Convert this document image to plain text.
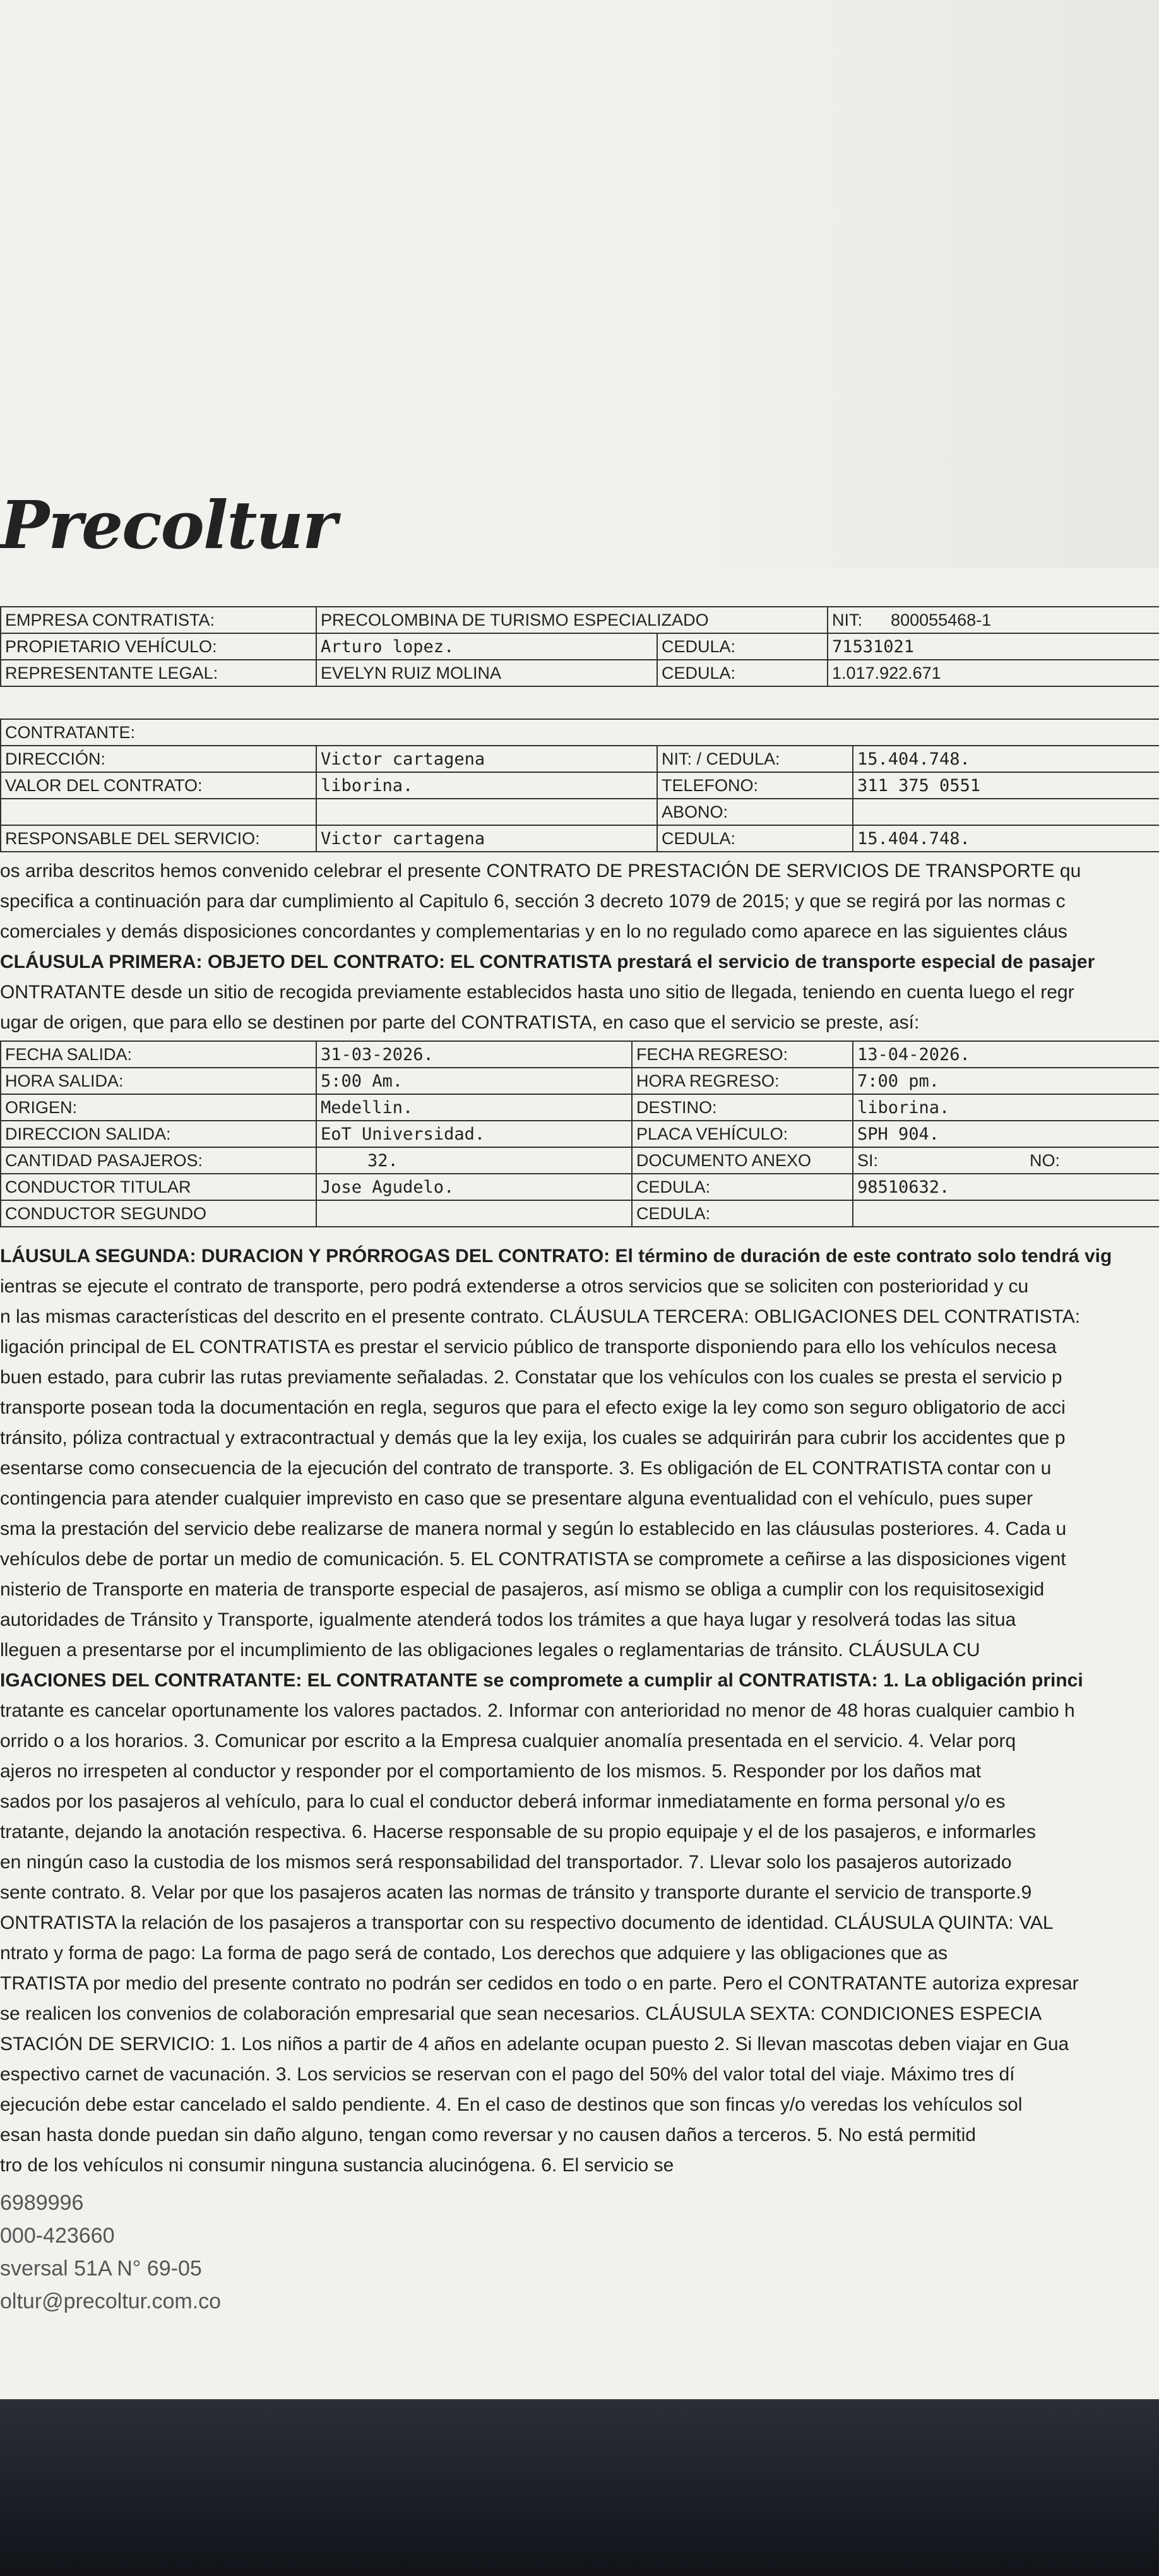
Precoltur
EMPRESA CONTRATISTA:	PRECOLOMBINA DE TURISMO ESPECIALIZADO		NIT: 800055468-1
PROPIETARIO VEHÍCULO:	Arturo lopez.	CEDULA:	71531021
REPRESENTANTE LEGAL:	EVELYN RUIZ MOLINA	CEDULA:	1.017.922.671
CONTRATANTE:			
DIRECCIÓN:	Victor cartagena	NIT: / CEDULA:	15.404.748.
VALOR DEL CONTRATO:	liborina.	TELEFONO:	311 375 0551
		ABONO:	
RESPONSABLE DEL SERVICIO:	Victor cartagena	CEDULA:	15.404.748.
os arriba descritos hemos convenido celebrar el presente CONTRATO DE PRESTACIÓN DE SERVICIOS DE TRANSPORTE qu
specifica a continuación para dar cumplimiento al Capitulo 6, sección 3 decreto 1079 de 2015; y que se regirá por las normas c
comerciales y demás disposiciones concordantes y complementarias y en lo no regulado como aparece en las siguientes cláus
CLÁUSULA PRIMERA: OBJETO DEL CONTRATO: EL CONTRATISTA prestará el servicio de transporte especial de pasajer
ONTRATANTE desde un sitio de recogida previamente establecidos hasta uno sitio de llegada, teniendo en cuenta luego el regr
ugar de origen, que para ello se destinen por parte del CONTRATISTA, en caso que el servicio se preste, así:
FECHA SALIDA:	31-03-2026.	FECHA REGRESO:	13-04-2026.
HORA SALIDA:	5:00 Am.	HORA REGRESO:	7:00 pm.
ORIGEN:	Medellin.	DESTINO:	liborina.
DIRECCION SALIDA:	EoT Universidad.	PLACA VEHÍCULO:	SPH 904.
CANTIDAD PASAJEROS:	32.	DOCUMENTO ANEXO	SI: NO:
CONDUCTOR TITULAR	Jose Agudelo.	CEDULA:	98510632.
CONDUCTOR SEGUNDO		CEDULA:	
LÁUSULA SEGUNDA: DURACION Y PRÓRROGAS DEL CONTRATO: El término de duración de este contrato solo tendrá vig
ientras se ejecute el contrato de transporte, pero podrá extenderse a otros servicios que se soliciten con posterioridad y cu
n las mismas características del descrito en el presente contrato. CLÁUSULA TERCERA: OBLIGACIONES DEL CONTRATISTA:
ligación principal de EL CONTRATISTA es prestar el servicio público de transporte disponiendo para ello los vehículos necesa
buen estado, para cubrir las rutas previamente señaladas. 2. Constatar que los vehículos con los cuales se presta el servicio p
transporte posean toda la documentación en regla, seguros que para el efecto exige la ley como son seguro obligatorio de acci
tránsito, póliza contractual y extracontractual y demás que la ley exija, los cuales se adquirirán para cubrir los accidentes que p
esentarse como consecuencia de la ejecución del contrato de transporte. 3. Es obligación de EL CONTRATISTA contar con u
contingencia para atender cualquier imprevisto en caso que se presentare alguna eventualidad con el vehículo, pues super
sma la prestación del servicio debe realizarse de manera normal y según lo establecido en las cláusulas posteriores. 4. Cada u
vehículos debe de portar un medio de comunicación. 5. EL CONTRATISTA se compromete a ceñirse a las disposiciones vigent
nisterio de Transporte en materia de transporte especial de pasajeros, así mismo se obliga a cumplir con los requisitosexigid
autoridades de Tránsito y Transporte, igualmente atenderá todos los trámites a que haya lugar y resolverá todas las situa
lleguen a presentarse por el incumplimiento de las obligaciones legales o reglamentarias de tránsito. CLÁUSULA CU
IGACIONES DEL CONTRATANTE: EL CONTRATANTE se compromete a cumplir al CONTRATISTA: 1. La obligación princi
tratante es cancelar oportunamente los valores pactados. 2. Informar con anterioridad no menor de 48 horas cualquier cambio h
orrido o a los horarios. 3. Comunicar por escrito a la Empresa cualquier anomalía presentada en el servicio. 4. Velar porq
ajeros no irrespeten al conductor y responder por el comportamiento de los mismos. 5. Responder por los daños mat
sados por los pasajeros al vehículo, para lo cual el conductor deberá informar inmediatamente en forma personal y/o es
tratante, dejando la anotación respectiva. 6. Hacerse responsable de su propio equipaje y el de los pasajeros, e informarles
en ningún caso la custodia de los mismos será responsabilidad del transportador. 7. Llevar solo los pasajeros autorizado
sente contrato. 8. Velar por que los pasajeros acaten las normas de tránsito y transporte durante el servicio de transporte.9
ONTRATISTA la relación de los pasajeros a transportar con su respectivo documento de identidad. CLÁUSULA QUINTA: VAL
ntrato y forma de pago: La forma de pago será de contado, Los derechos que adquiere y las obligaciones que as
TRATISTA por medio del presente contrato no podrán ser cedidos en todo o en parte. Pero el CONTRATANTE autoriza expresar
se realicen los convenios de colaboración empresarial que sean necesarios. CLÁUSULA SEXTA: CONDICIONES ESPECIA
STACIÓN DE SERVICIO: 1. Los niños a partir de 4 años en adelante ocupan puesto 2. Si llevan mascotas deben viajar en Gua
espectivo carnet de vacunación. 3. Los servicios se reservan con el pago del 50% del valor total del viaje. Máximo tres dí
ejecución debe estar cancelado el saldo pendiente. 4. En el caso de destinos que son fincas y/o veredas los vehículos sol
esan hasta donde puedan sin daño alguno, tengan como reversar y no causen daños a terceros. 5. No está permitid
tro de los vehículos ni consumir ninguna sustancia alucinógena. 6. El servicio se
6989996
000-423660
sversal 51A N° 69-05
oltur@precoltur.com.co
